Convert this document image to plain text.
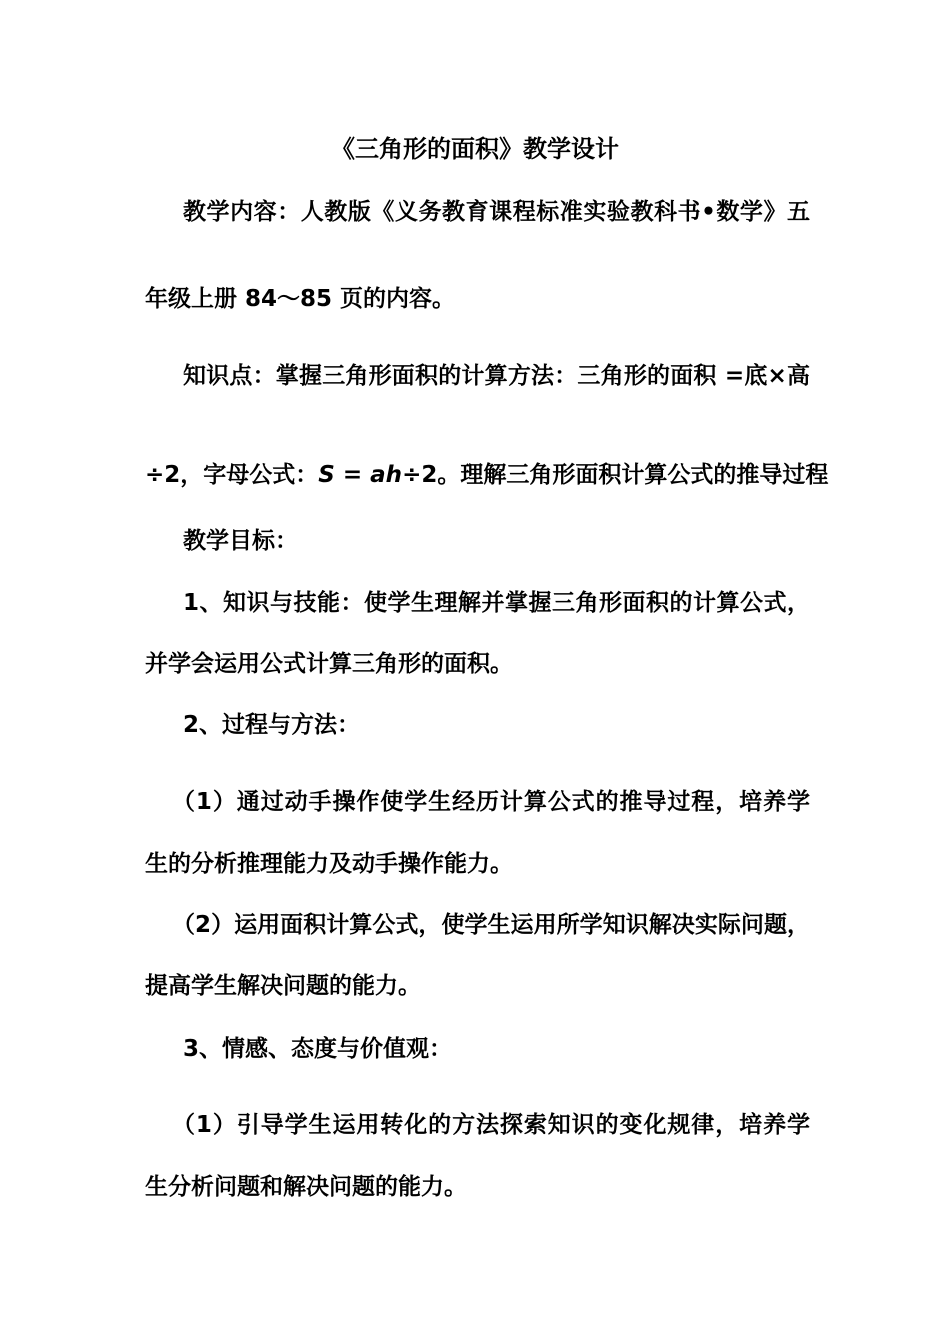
《三角形的面积》教学设计
教学内容：人教版《义务教育课程标准实验教科书•数学》五
年级上册 84～85 页的内容。
知识点：掌握三角形面积的计算方法：三角形的面积 =底×高
÷2，字母公式：S = ah÷2。理解三角形面积计算公式的推导过程
教学目标：
1、知识与技能：使学生理解并掌握三角形面积的计算公式，
并学会运用公式计算三角形的面积。
2、过程与方法：
（1）通过动手操作使学生经历计算公式的推导过程，培养学
生的分析推理能力及动手操作能力。
（2）运用面积计算公式，使学生运用所学知识解决实际问题，
提高学生解决问题的能力。
3、情感、态度与价值观：
（1）引导学生运用转化的方法探索知识的变化规律，培养学
生分析问题和解决问题的能力。
